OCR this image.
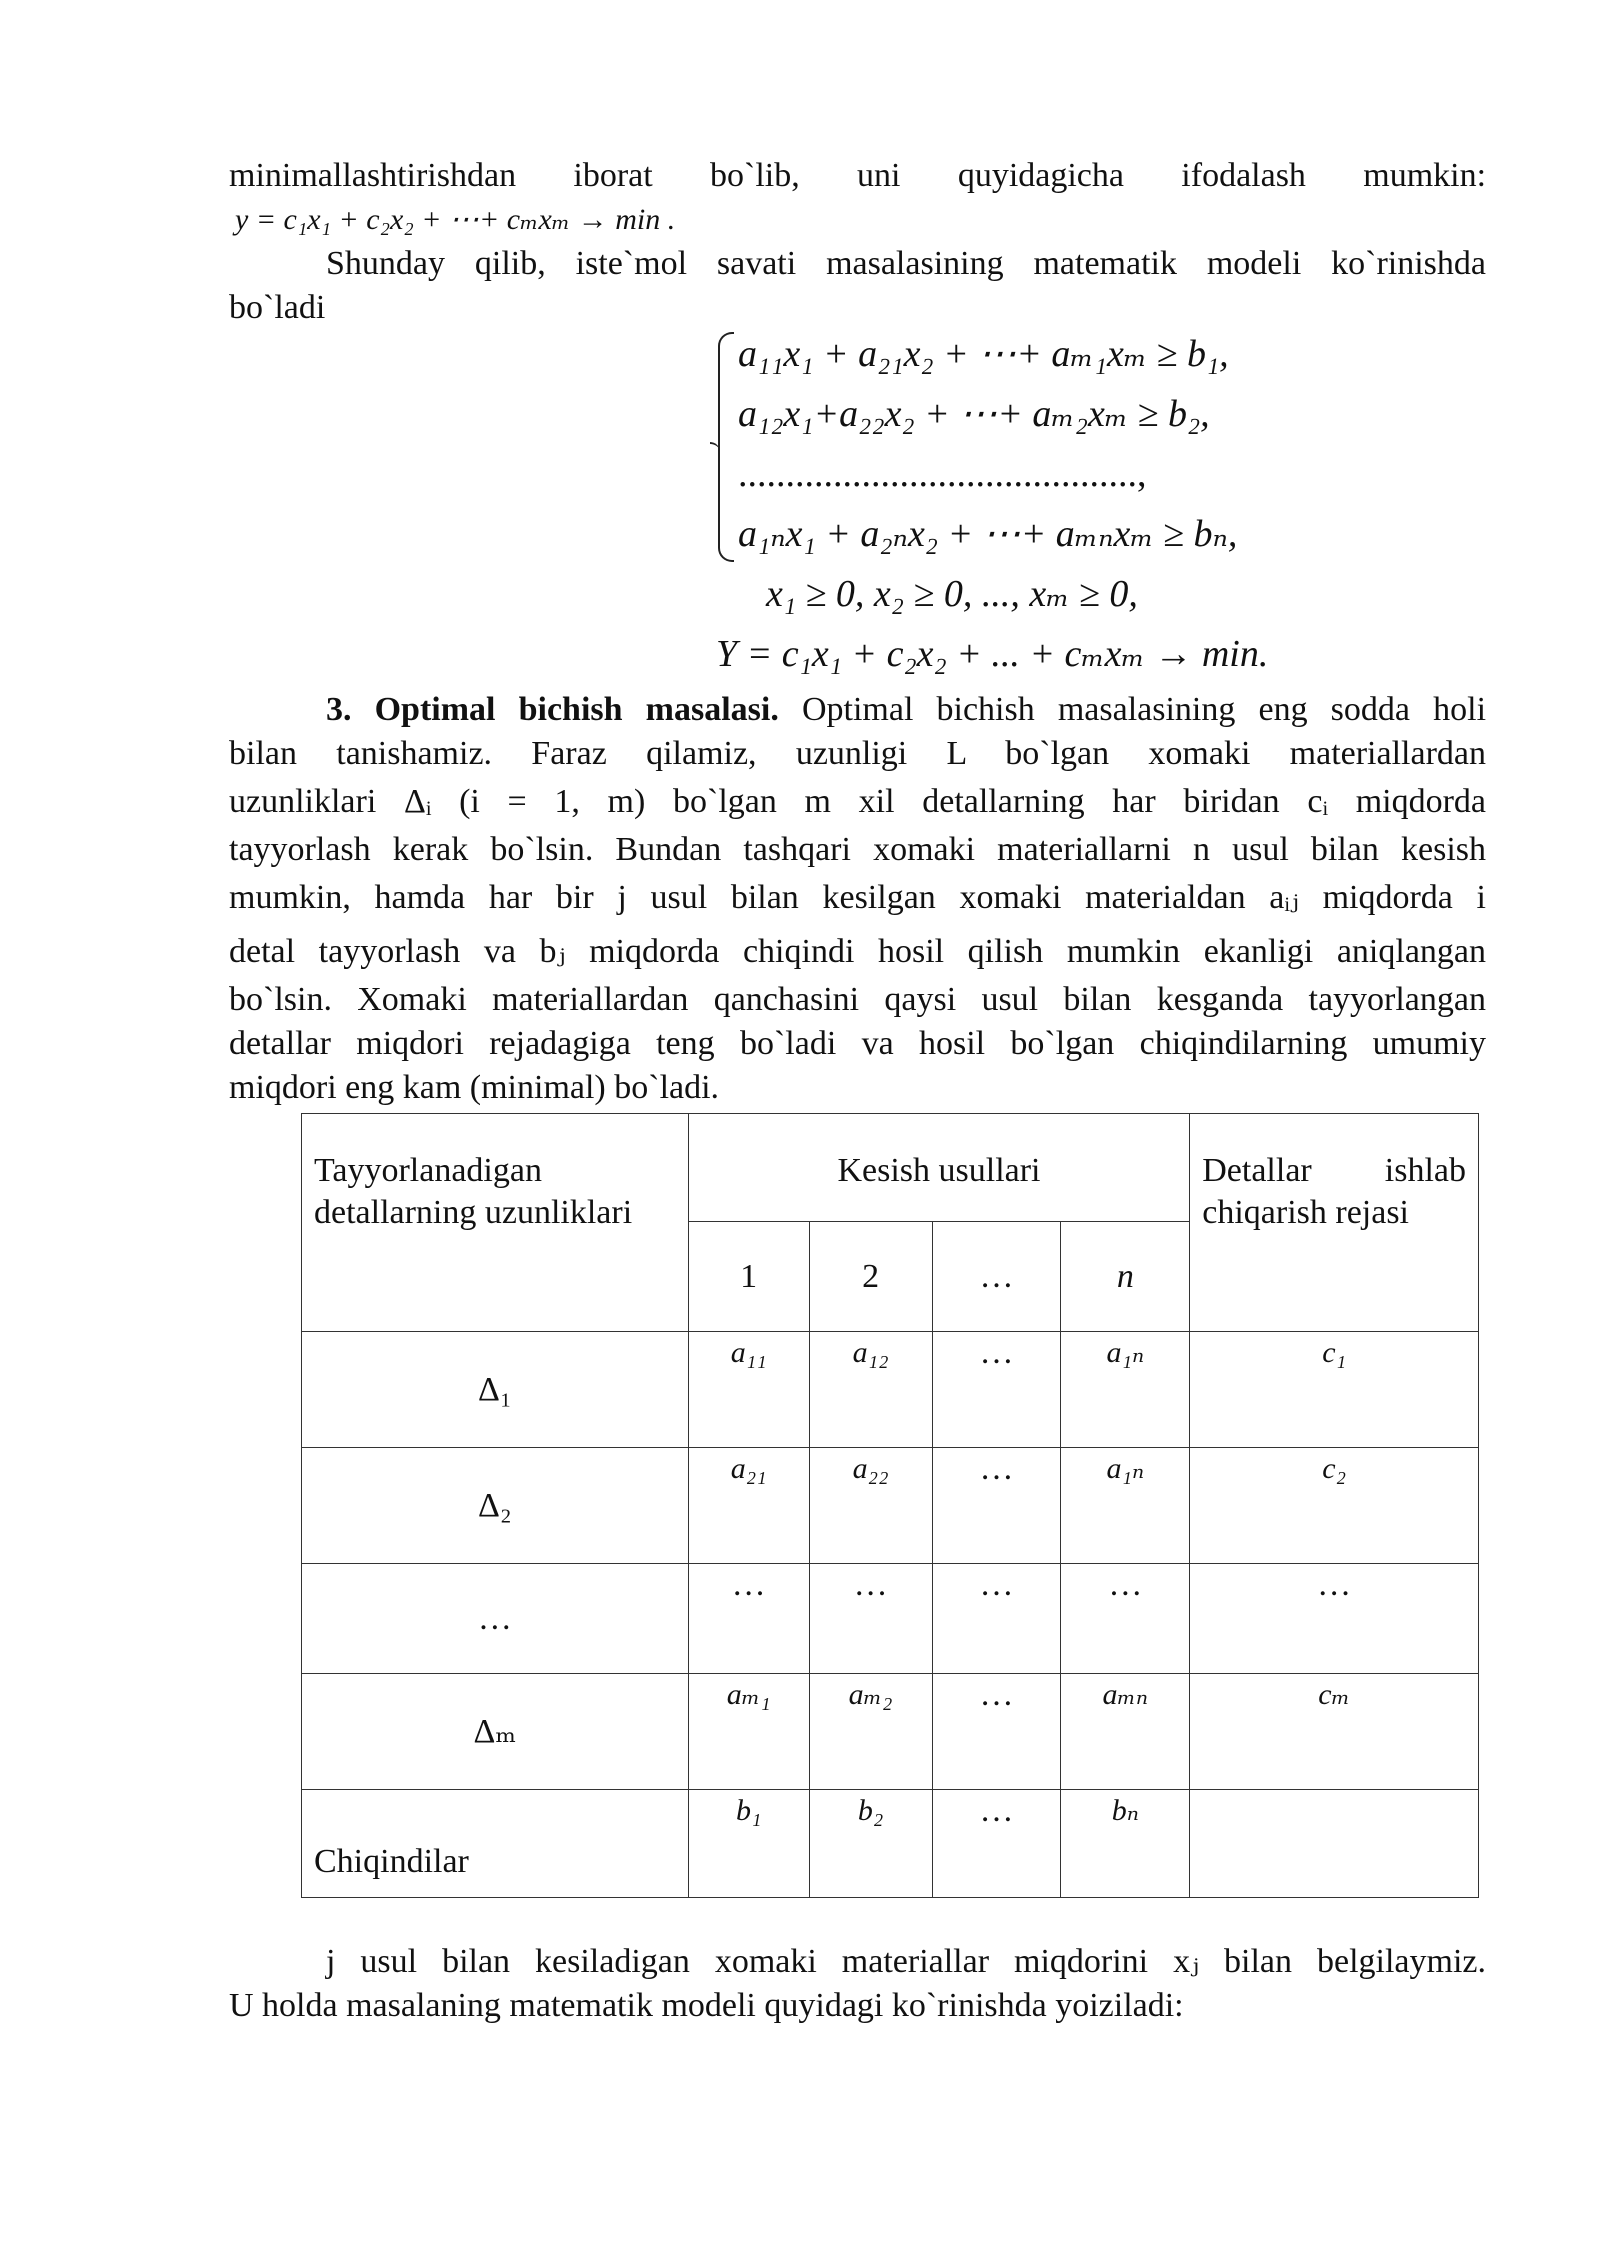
minimallashtirishdan iborat bo`lib, uni quyidagicha ifodalash mumkin:

y = c₁x₁ + c₂x₂ + ⋯+ cₘxₘ → min .

Shunday qilib, iste`mol savati masalasining matematik modeli ko`rinishda

bo`ladi

a₁₁x₁ + a₂₁x₂ + ⋯+ aₘ₁xₘ ≥ b₁,
a₁₂x₁+a₂₂x₂ + ⋯+ aₘ₂xₘ ≥ b₂,
..........................................,
a₁ₙx₁ + a₂ₙx₂ + ⋯+ aₘₙxₘ ≥ bₙ,
x₁ ≥ 0, x₂ ≥ 0, ..., xₘ ≥ 0,
Y = c₁x₁ + c₂x₂ + ... + cₘxₘ → min.

3. Optimal bichish masalasi. Optimal bichish masalasining eng sodda holi

bilan tanishamiz. Faraz qilamiz, uzunligi L bo`lgan xomaki materiallardan

uzunliklari Δᵢ (i = 1, m) bo`lgan m xil detallarning har biridan cᵢ miqdorda

tayyorlash kerak bo`lsin. Bundan tashqari xomaki materiallarni n usul bilan kesish

mumkin, hamda har bir j usul bilan kesilgan xomaki materialdan aᵢⱼ miqdorda i

detal tayyorlash va bⱼ miqdorda chiqindi hosil qilish mumkin ekanligi aniqlangan

bo`lsin. Xomaki materiallardan qanchasini qaysi usul bilan kesganda tayyorlangan

detallar miqdori rejadagiga teng bo`ladi va hosil bo`lgan chiqindilarning umumiy

miqdori eng kam (minimal) bo`ladi.

Tayyorlanadigan detallarning uzunliklari	Kesish usullari				Detallar ishlab chiqarish rejasi
	1	2	…	n	
Δ₁	a₁₁	a₁₂	…	a₁ₙ	c₁
Δ₂	a₂₁	a₂₂	…	a₁ₙ	c₂
…	…	…	…	…	…
Δₘ	aₘ₁	aₘ₂	…	aₘₙ	cₘ
Chiqindilar	b₁	b₂	…	bₙ	

j usul bilan kesiladigan xomaki materiallar miqdorini xⱼ bilan belgilaymiz.

U holda masalaning matematik modeli quyidagi ko`rinishda yoiziladi:
